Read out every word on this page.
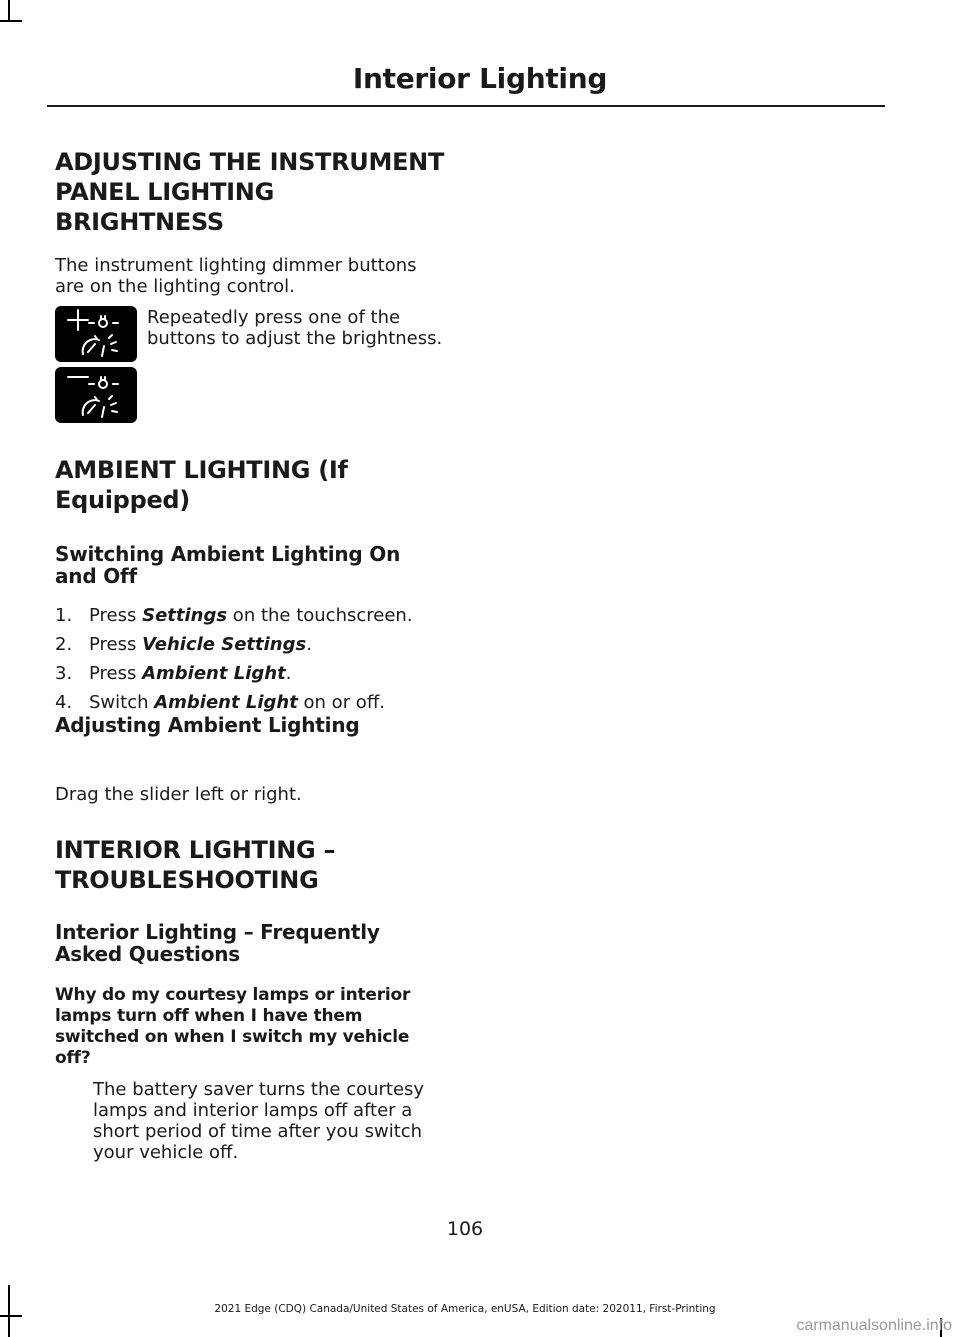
Interior Lighting
ADJUSTING THE INSTRUMENT
PANEL LIGHTING
BRIGHTNESS
The instrument lighting dimmer buttons
are on the lighting control.
Repeatedly press one of the
buttons to adjust the brightness.
AMBIENT LIGHTING (If
Equipped)
Switching Ambient Lighting On
and Off
1. Press Settings on the touchscreen.
2. Press Vehicle Settings.
3. Press Ambient Light.
4. Switch Ambient Light on or off.
Adjusting Ambient Lighting
Drag the slider left or right.
INTERIOR LIGHTING –
TROUBLESHOOTING
Interior Lighting – Frequently
Asked Questions
Why do my courtesy lamps or interior
lamps turn off when I have them
switched on when I switch my vehicle
off?
The battery saver turns the courtesy
lamps and interior lamps off after a
short period of time after you switch
your vehicle off.
106
2021 Edge (CDQ) Canada/United States of America, enUSA, Edition date: 202011, First-Printing
carmanualsonline.info
